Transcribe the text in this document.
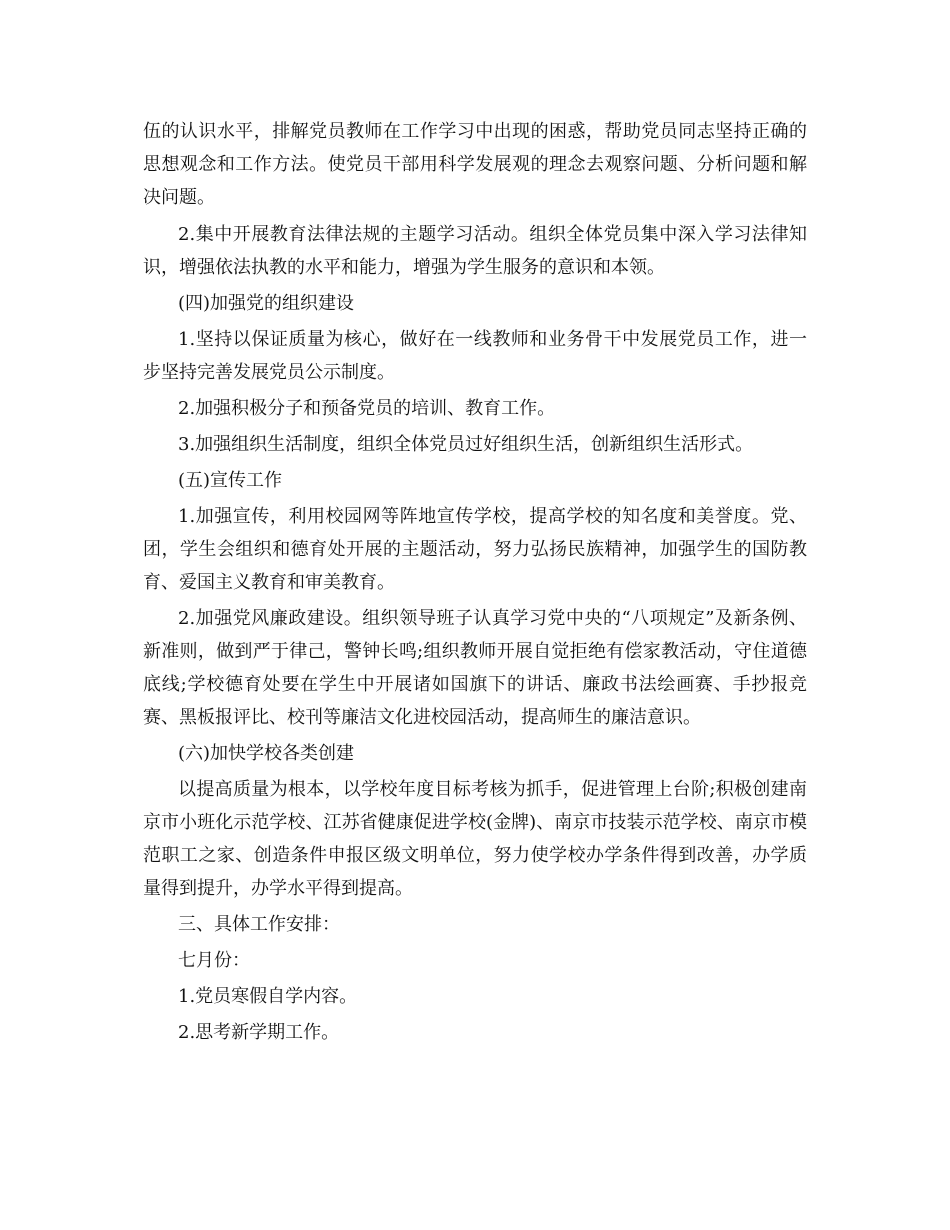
伍的认识水平，排解党员教师在工作学习中出现的困惑，帮助党员同志坚持正确的思想观念和工作方法。使党员干部用科学发展观的理念去观察问题、分析问题和解决问题。

2.集中开展教育法律法规的主题学习活动。组织全体党员集中深入学习法律知识，增强依法执教的水平和能力，增强为学生服务的意识和本领。

(四)加强党的组织建设

1.坚持以保证质量为核心，做好在一线教师和业务骨干中发展党员工作，进一步坚持完善发展党员公示制度。

2.加强积极分子和预备党员的培训、教育工作。

3.加强组织生活制度，组织全体党员过好组织生活，创新组织生活形式。

(五)宣传工作

1.加强宣传，利用校园网等阵地宣传学校，提高学校的知名度和美誉度。党、团，学生会组织和德育处开展的主题活动，努力弘扬民族精神，加强学生的国防教育、爱国主义教育和审美教育。

2.加强党风廉政建设。组织领导班子认真学习党中央的“八项规定”及新条例、新准则，做到严于律己，警钟长鸣;组织教师开展自觉拒绝有偿家教活动，守住道德底线;学校德育处要在学生中开展诸如国旗下的讲话、廉政书法绘画赛、手抄报竞赛、黑板报评比、校刊等廉洁文化进校园活动，提高师生的廉洁意识。

(六)加快学校各类创建

以提高质量为根本，以学校年度目标考核为抓手，促进管理上台阶;积极创建南京市小班化示范学校、江苏省健康促进学校(金牌)、南京市技装示范学校、南京市模范职工之家、创造条件申报区级文明单位，努力使学校办学条件得到改善，办学质量得到提升，办学水平得到提高。

三、具体工作安排：

七月份：

1.党员寒假自学内容。

2.思考新学期工作。
